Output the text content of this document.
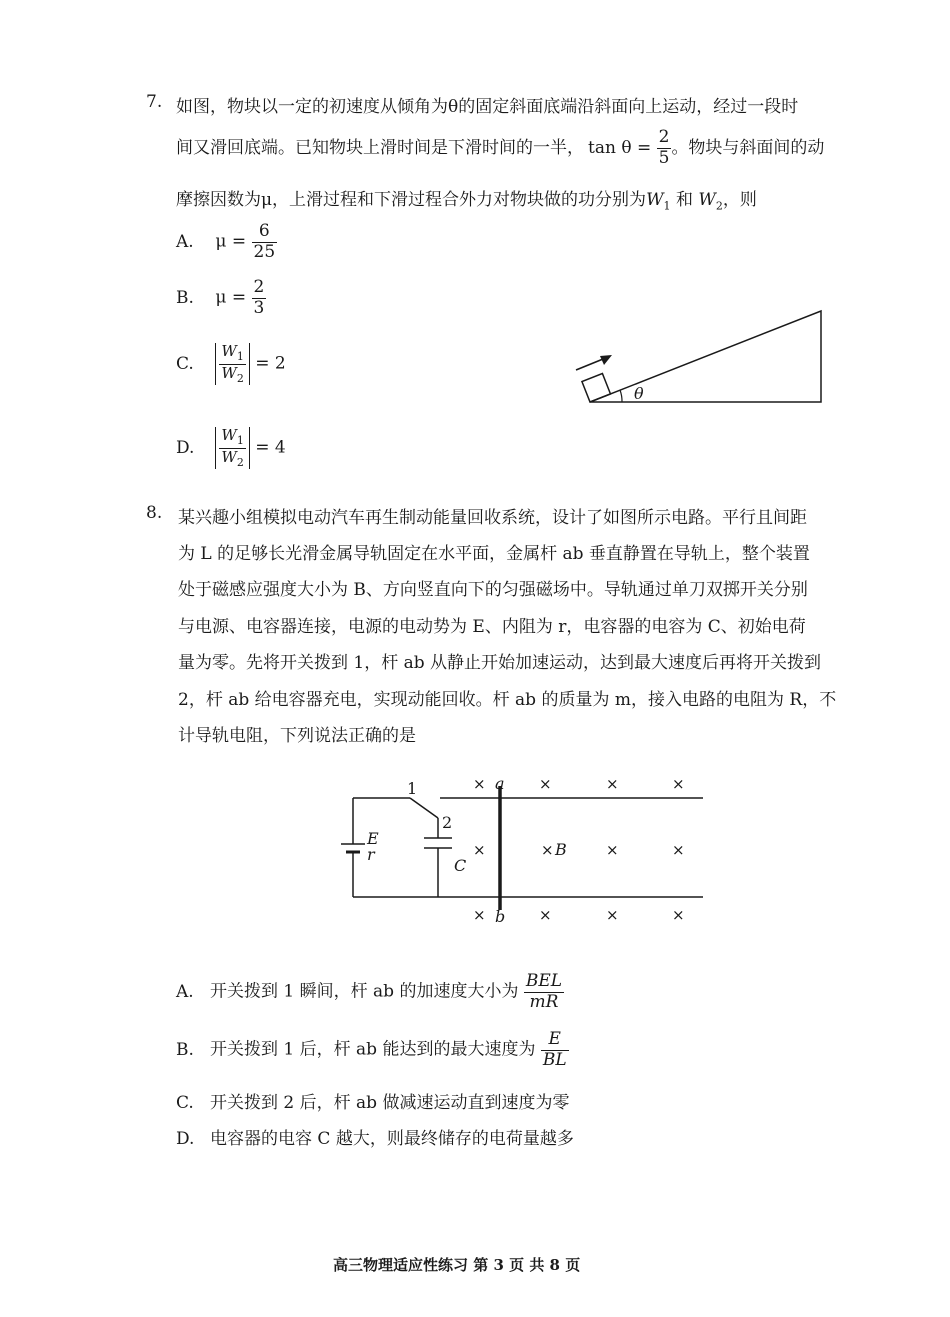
7. 如图，物块以一定的初速度从倾角为θ的固定斜面底端沿斜面向上运动，经过一段时
间又滑回底端。已知物块上滑时间是下滑时间的一半， $\tan \theta = \frac{2}{5}$ 。物块与斜面间的动
摩擦因数为μ，上滑过程和下滑过程合外力对物块做的功分别为$W_1$ 和 $W_2$，则
A. $\mu = \frac{6}{25}$
B. $\mu = \frac{2}{3}$
C. $\frac{W_1}{W_2} = 2$
D. $\frac{W_1}{W_2} = 4$
θ
8. 某兴趣小组模拟电动汽车再生制动能量回收系统，设计了如图所示电路。平行且间距
为 L 的足够长光滑金属导轨固定在水平面，金属杆 ab 垂直静置在导轨上，整个装置
处于磁感应强度大小为 B、方向竖直向下的匀强磁场中。导轨通过单刀双掷开关分别
与电源、电容器连接，电源的电动势为 E、内阻为 r，电容器的电容为 C、初始电荷
量为零。先将开关拨到 1，杆 ab 从静止开始加速运动，达到最大速度后再将开关拨到
2，杆 ab 给电容器充电，实现动能回收。杆 ab 的质量为 m，接入电路的电阻为 R，不
计导轨电阻，下列说法正确的是
1
2
E
r
C
a
b
B
×	×	×	×
×	×	×	×
×	×	×	×
A. 开关拨到 1 瞬间，杆 ab 的加速度大小为 $\frac{\text{BEL}}{mR}$
B. 开关拨到 1 后，杆 ab 能达到的最大速度为 $\frac{E}{BL}$
C. 开关拨到 2 后，杆 ab 做减速运动直到速度为零
D. 电容器的电容 C 越大，则最终储存的电荷量越多
高三物理适应性练习 第 3 页 共 8 页
